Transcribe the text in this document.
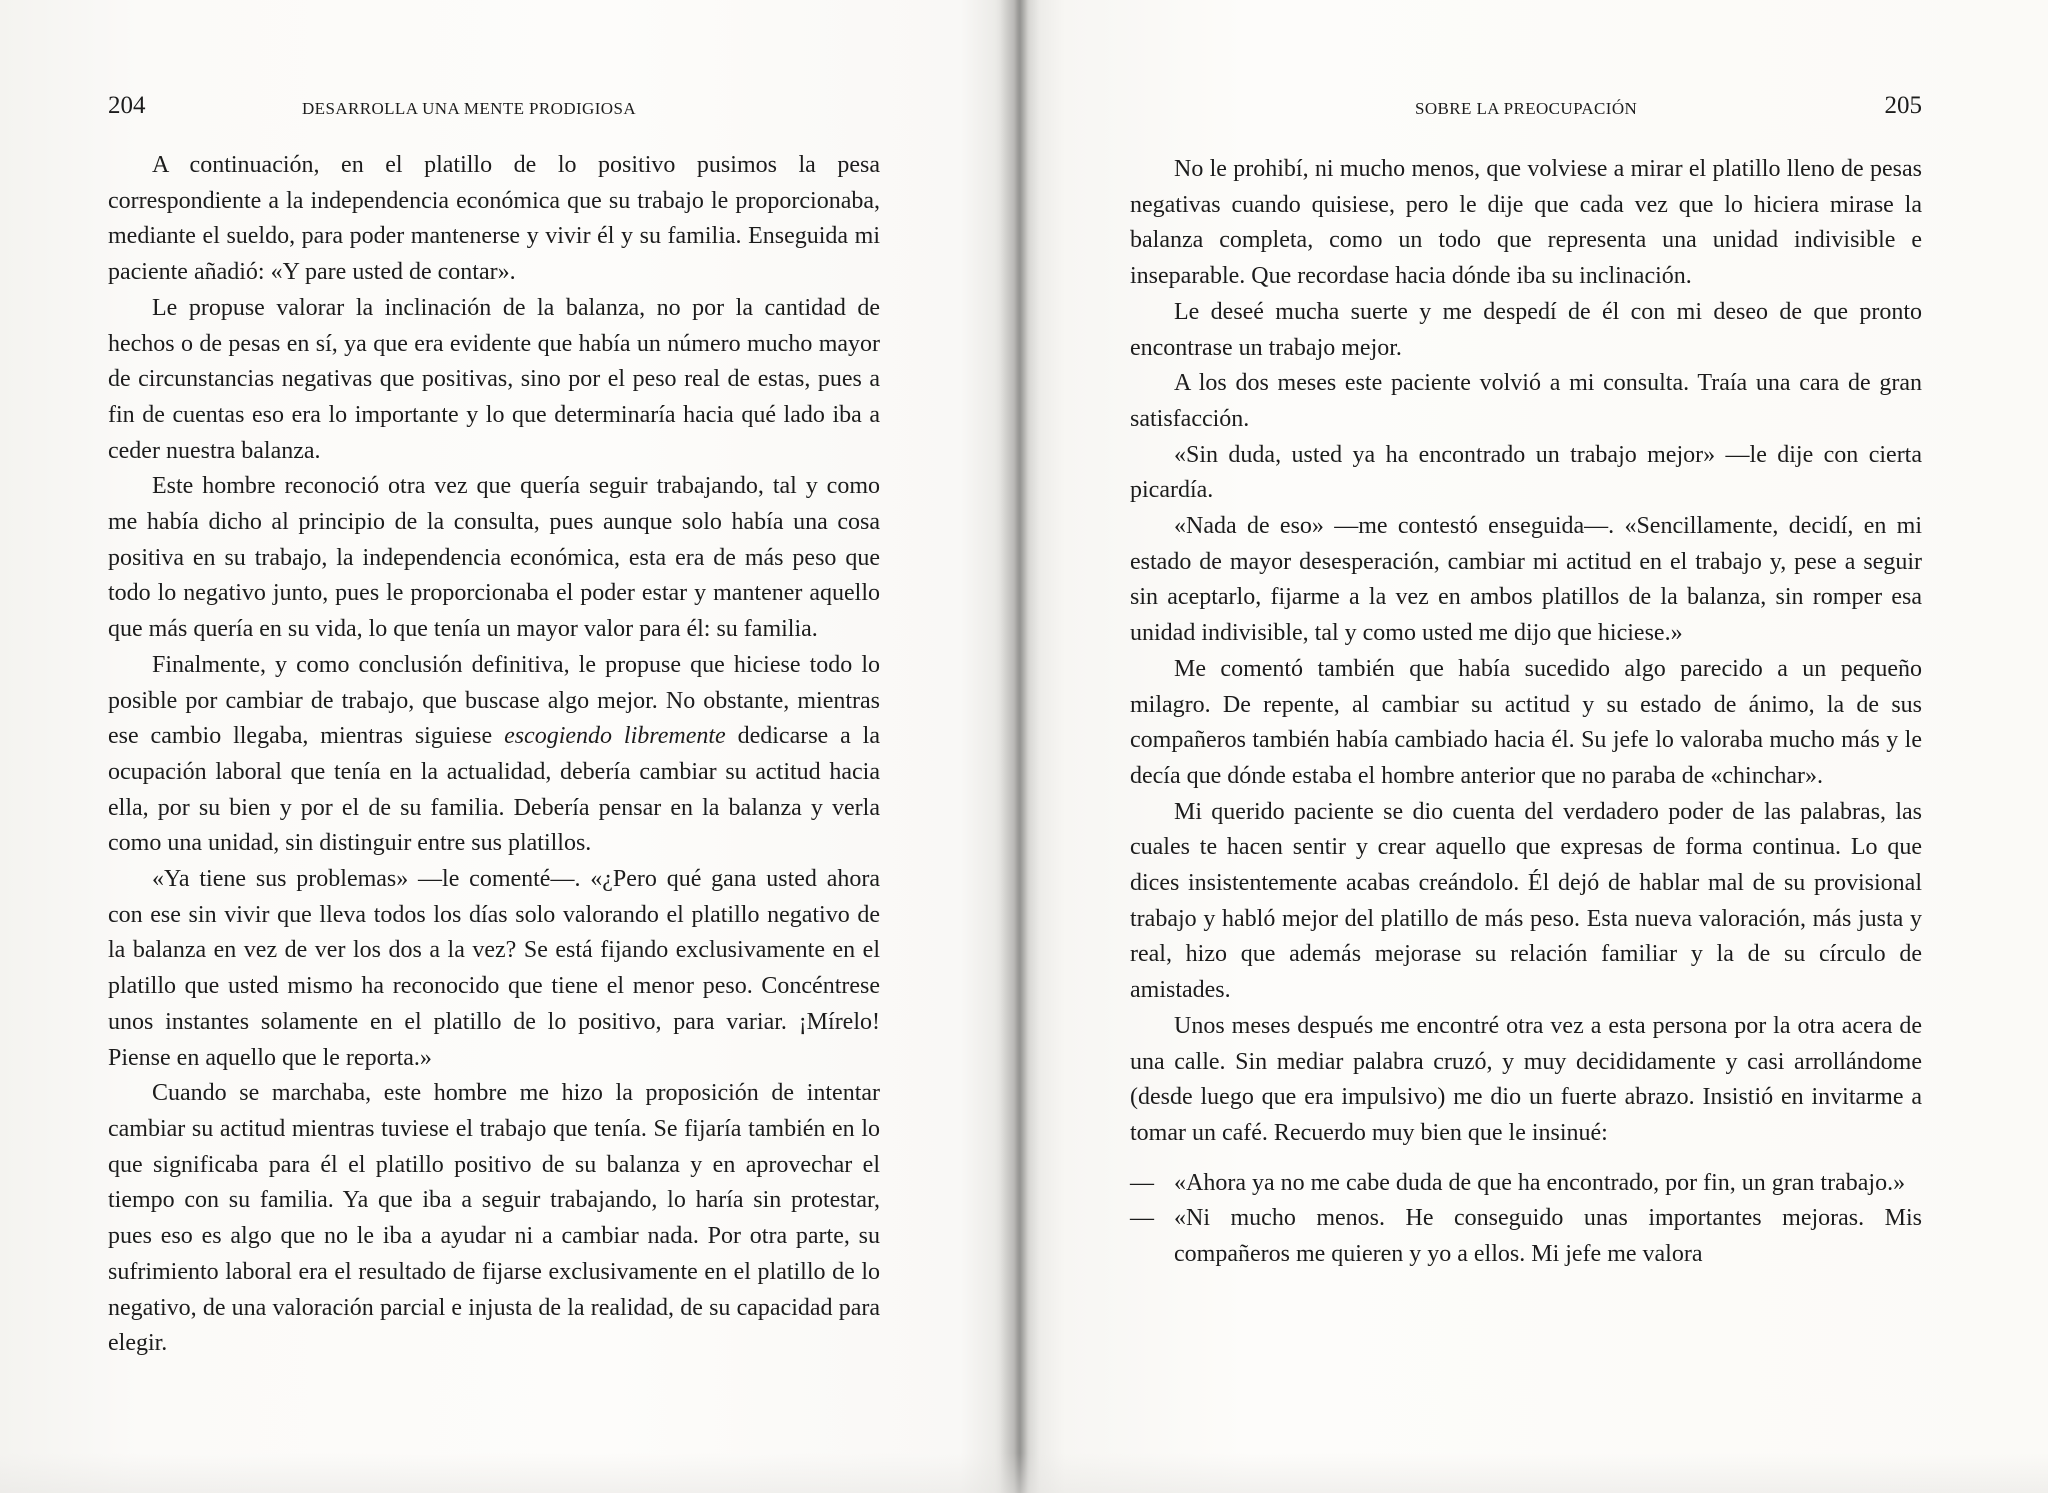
204	DESARROLLA UNA MENTE PRODIGIOSA

A continuación, en el platillo de lo positivo pusimos la pesa correspondiente a la independencia económica que su trabajo le proporcionaba, mediante el sueldo, para poder mantenerse y vivir él y su familia. Enseguida mi paciente añadió: «Y pare usted de contar».

Le propuse valorar la inclinación de la balanza, no por la cantidad de hechos o de pesas en sí, ya que era evidente que había un número mucho mayor de circunstancias negativas que positivas, sino por el peso real de estas, pues a fin de cuentas eso era lo importante y lo que determinaría hacia qué lado iba a ceder nuestra balanza.

Este hombre reconoció otra vez que quería seguir trabajando, tal y como me había dicho al principio de la consulta, pues aunque solo había una cosa positiva en su trabajo, la independencia económica, esta era de más peso que todo lo negativo junto, pues le proporcionaba el poder estar y mantener aquello que más quería en su vida, lo que tenía un mayor valor para él: su familia.

Finalmente, y como conclusión definitiva, le propuse que hiciese todo lo posible por cambiar de trabajo, que buscase algo mejor. No obstante, mientras ese cambio llegaba, mientras siguiese escogiendo libremente dedicarse a la ocupación laboral que tenía en la actualidad, debería cambiar su actitud hacia ella, por su bien y por el de su familia. Debería pensar en la balanza y verla como una unidad, sin distinguir entre sus platillos.

«Ya tiene sus problemas» —le comenté—. «¿Pero qué gana usted ahora con ese sin vivir que lleva todos los días solo valorando el platillo negativo de la balanza en vez de ver los dos a la vez? Se está fijando exclusivamente en el platillo que usted mismo ha reconocido que tiene el menor peso. Concéntrese unos instantes solamente en el platillo de lo positivo, para variar. ¡Mírelo! Piense en aquello que le reporta.»

Cuando se marchaba, este hombre me hizo la proposición de intentar cambiar su actitud mientras tuviese el trabajo que tenía. Se fijaría también en lo que significaba para él el platillo positivo de su balanza y en aprovechar el tiempo con su familia. Ya que iba a seguir trabajando, lo haría sin protestar, pues eso es algo que no le iba a ayudar ni a cambiar nada. Por otra parte, su sufrimiento laboral era el resultado de fijarse exclusivamente en el platillo de lo negativo, de una valoración parcial e injusta de la realidad, de su capacidad para elegir.

SOBRE LA PREOCUPACIÓN	205

No le prohibí, ni mucho menos, que volviese a mirar el platillo lleno de pesas negativas cuando quisiese, pero le dije que cada vez que lo hiciera mirase la balanza completa, como un todo que representa una unidad indivisible e inseparable. Que recordase hacia dónde iba su inclinación.

Le deseé mucha suerte y me despedí de él con mi deseo de que pronto encontrase un trabajo mejor.

A los dos meses este paciente volvió a mi consulta. Traía una cara de gran satisfacción.

«Sin duda, usted ya ha encontrado un trabajo mejor» —le dije con cierta picardía.

«Nada de eso» —me contestó enseguida—. «Sencillamente, decidí, en mi estado de mayor desesperación, cambiar mi actitud en el trabajo y, pese a seguir sin aceptarlo, fijarme a la vez en ambos platillos de la balanza, sin romper esa unidad indivisible, tal y como usted me dijo que hiciese.»

Me comentó también que había sucedido algo parecido a un pequeño milagro. De repente, al cambiar su actitud y su estado de ánimo, la de sus compañeros también había cambiado hacia él. Su jefe lo valoraba mucho más y le decía que dónde estaba el hombre anterior que no paraba de «chinchar».

Mi querido paciente se dio cuenta del verdadero poder de las palabras, las cuales te hacen sentir y crear aquello que expresas de forma continua. Lo que dices insistentemente acabas creándolo. Él dejó de hablar mal de su provisional trabajo y habló mejor del platillo de más peso. Esta nueva valoración, más justa y real, hizo que además mejorase su relación familiar y la de su círculo de amistades.

Unos meses después me encontré otra vez a esta persona por la otra acera de una calle. Sin mediar palabra cruzó, y muy decididamente y casi arrollándome (desde luego que era impulsivo) me dio un fuerte abrazo. Insistió en invitarme a tomar un café. Recuerdo muy bien que le insinué:

— «Ahora ya no me cabe duda de que ha encontrado, por fin, un gran trabajo.»

— «Ni mucho menos. He conseguido unas importantes mejoras. Mis compañeros me quieren y yo a ellos. Mi jefe me valora
